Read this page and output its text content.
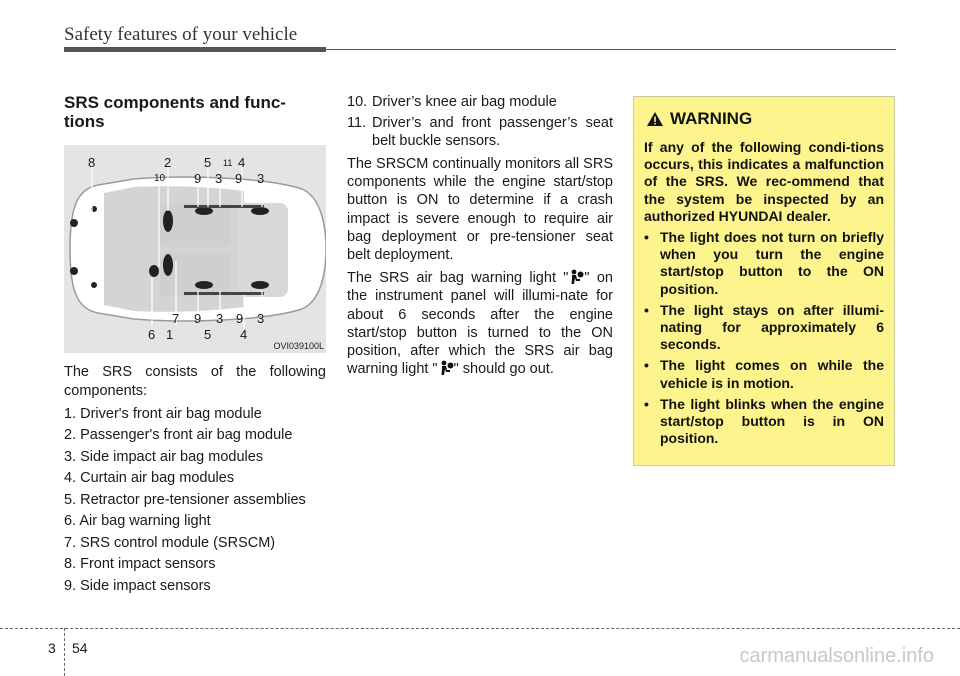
Safety features of your vehicle
SRS components and func-tions
8	2
10
5 11 4
9 3 9 3
6 1
7 9
5
3 9
4
3
OVI039100L

The SRS consists of the following components:

1. Driver's front air bag module
2. Passenger's front air bag module
3. Side impact air bag modules
4. Curtain air bag modules
5. Retractor pre-tensioner assemblies
6. Air bag warning light
7. SRS control module (SRSCM)
8. Front impact sensors
9. Side impact sensors
10. Driver’s knee air bag module
11. Driver’s and front passenger’s seat belt buckle sensors.

The SRSCM continually monitors all SRS components while the engine start/stop button is ON to determine if a crash impact is severe enough to require air bag deployment or pre-tensioner seat belt deployment.

The SRS air bag warning light " " on the instrument panel will illumi-nate for about 6 seconds after the engine start/stop button is turned to the ON position, after which the SRS air bag warning light " " should go out.

WARNING

If any of the following condi-tions occurs, this indicates a malfunction of the SRS. We rec-ommend that the system be inspected by an authorized HYUNDAI dealer.

• The light does not turn on briefly when you turn the engine start/stop button to the ON position.
• The light stays on after illumi-nating for approximately 6 seconds.
• The light comes on while the vehicle is in motion.
• The light blinks when the engine start/stop button is in ON position.
3 54	carmanualsonline.info
